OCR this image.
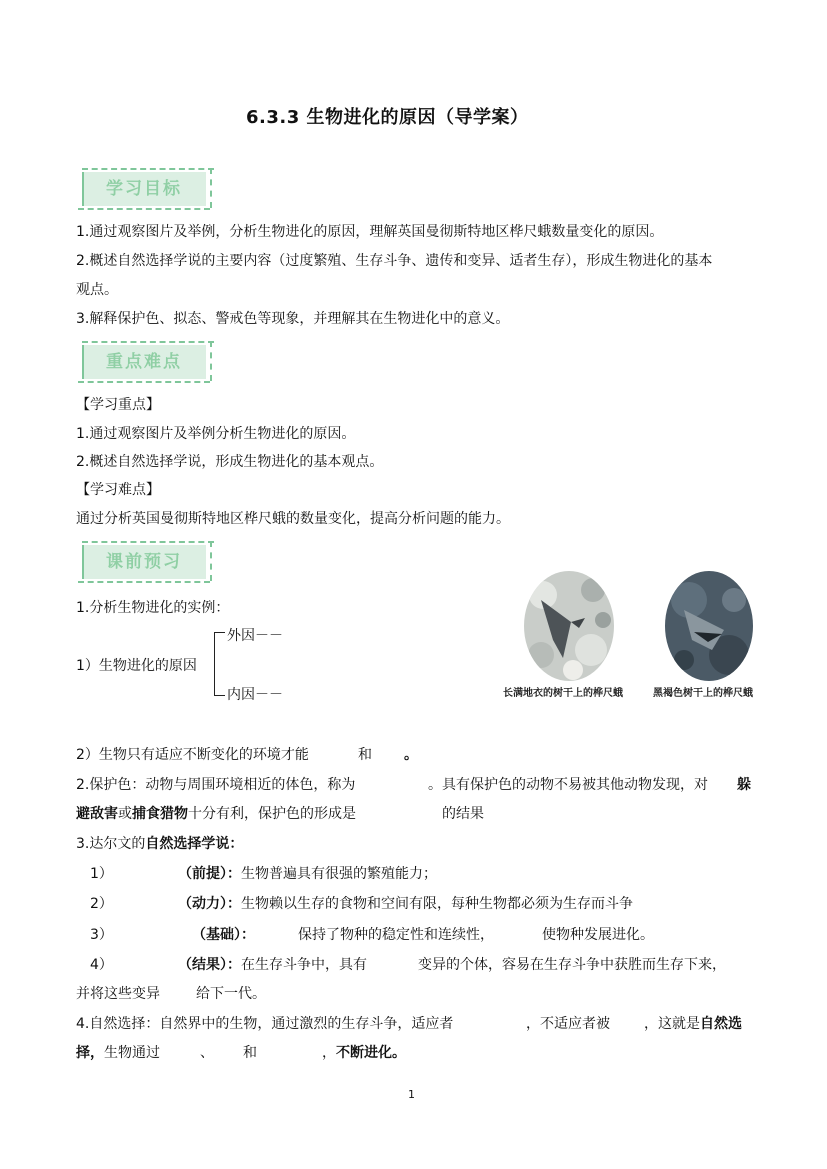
6.3.3 生物进化的原因（导学案）
学习目标
1.通过观察图片及举例，分析生物进化的原因，理解英国曼彻斯特地区桦尺蛾数量变化的原因。
2.概述自然选择学说的主要内容（过度繁殖、生存斗争、遗传和变异、适者生存），形成生物进化的基本
观点。
3.解释保护色、拟态、警戒色等现象，并理解其在生物进化中的意义。
重点难点
【学习重点】
1.通过观察图片及举例分析生物进化的原因。
2.概述自然选择学说，形成生物进化的基本观点。
【学习难点】
通过分析英国曼彻斯特地区桦尺蛾的数量变化，提高分析问题的能力。
课前预习
1.分析生物进化的实例：
1）生物进化的原因
外因－－
内因－－	长满地衣的树干上的桦尺蛾	黑褐色树干上的桦尺蛾
2）生物只有适应不断变化的环境才能	和 。
2.保护色：动物与周围环境相近的体色，称为	。具有保护色的动物不易被其他动物发现，对 躲
避敌害或捕食猎物十分有利，保护色的形成是	的结果
3.达尔文的自然选择学说：
1）	（前提）：生物普遍具有很强的繁殖能力；
2）	（动力）：生物赖以生存的食物和空间有限，每种生物都必须为生存而斗争
3）	（基础）：	保持了物种的稳定性和连续性，	使物种发展进化。
4）	（结果）：在生存斗争中，具有	变异的个体，容易在生存斗争中获胜而生存下来，
并将这些变异	给下一代。
4.自然选择：自然界中的生物，通过激烈的生存斗争，适应者	，不适应者被 ，这就是自然选
择，生物通过	、 和	，不断进化。
1
